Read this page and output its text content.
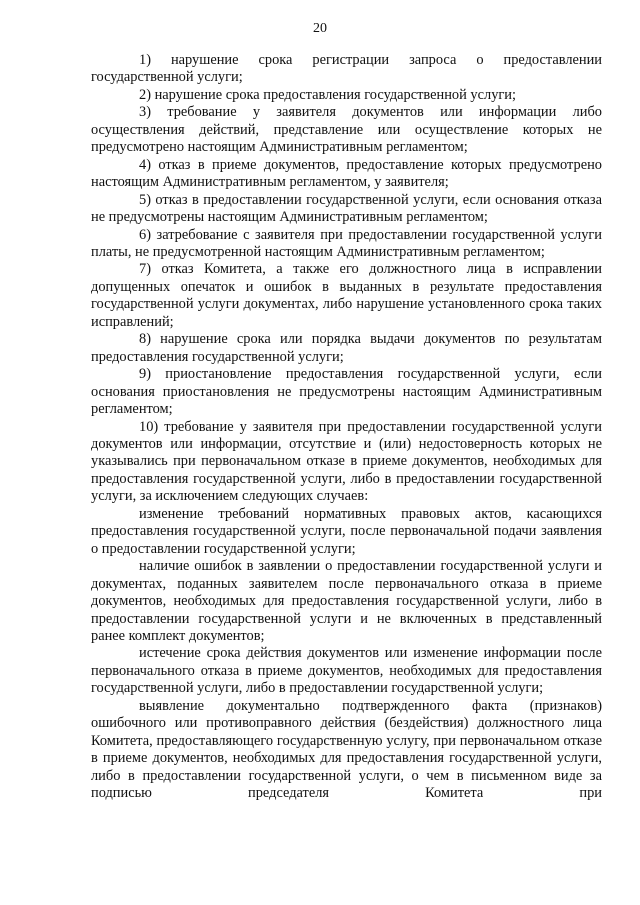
20

1) нарушение срока регистрации запроса о предоставлении государственной услуги;

2) нарушение срока предоставления государственной услуги;

3) требование у заявителя документов или информации либо осуществления действий, представление или осуществление которых не предусмотрено настоящим Административным регламентом;

4) отказ в приеме документов, предоставление которых предусмотрено настоящим Административным регламентом, у заявителя;

5) отказ в предоставлении государственной услуги, если основания отказа не предусмотрены настоящим Административным регламентом;

6) затребование с заявителя при предоставлении государственной услуги платы, не предусмотренной настоящим Административным регламентом;

7) отказ Комитета, а также его должностного лица в исправлении допущенных опечаток и ошибок в выданных в результате предоставления государственной услуги документах, либо нарушение установленного срока таких исправлений;

8) нарушение срока или порядка выдачи документов по результатам предоставления государственной услуги;

9) приостановление предоставления государственной услуги, если основания приостановления не предусмотрены настоящим Административным регламентом;

10) требование у заявителя при предоставлении государственной услуги документов или информации, отсутствие и (или) недостоверность которых не указывались при первоначальном отказе в приеме документов, необходимых для предоставления государственной услуги, либо в предоставлении государственной услуги, за исключением следующих случаев:

изменение требований нормативных правовых актов, касающихся предоставления государственной услуги, после первоначальной подачи заявления о предоставлении государственной услуги;

наличие ошибок в заявлении о предоставлении государственной услуги и документах, поданных заявителем после первоначального отказа в приеме документов, необходимых для предоставления государственной услуги, либо в предоставлении государственной услуги и не включенных в представленный ранее комплект документов;

истечение срока действия документов или изменение информации после первоначального отказа в приеме документов, необходимых для предоставления государственной услуги, либо в предоставлении государственной услуги;

выявление документально подтвержденного факта (признаков) ошибочного или противоправного действия (бездействия) должностного лица Комитета, предоставляющего государственную услугу, при первоначальном отказе в приеме документов, необходимых для предоставления государственной услуги, либо в предоставлении государственной услуги, о чем в письменном виде за подписью председателя Комитета при
